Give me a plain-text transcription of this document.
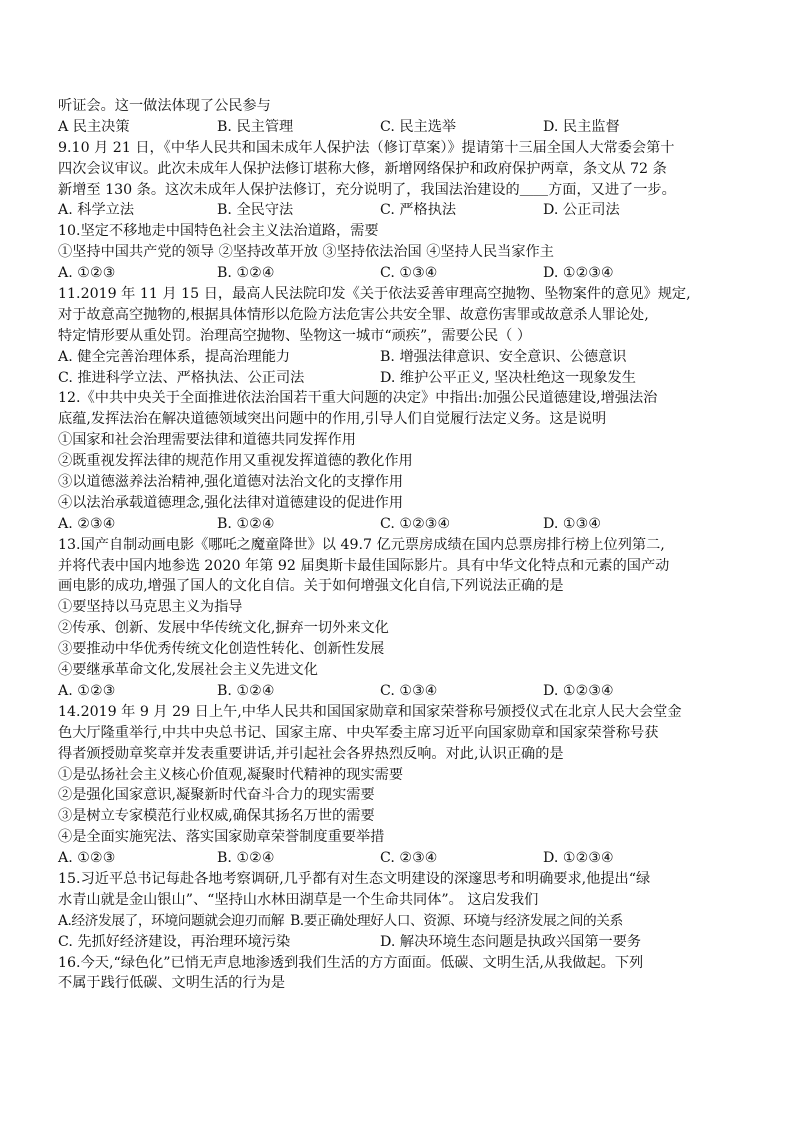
听证会。这一做法体现了公民参与
A 民主决策	B. 民主管理	C. 民主选举	D. 民主监督
9.10 月 21 日，《中华人民共和国未成年人保护法（修订草案）》提请第十三届全国人大常委会第十
四次会议审议。此次未成年人保护法修订堪称大修，新增网络保护和政府保护两章，条文从 72 条
新增至 130 条。这次未成年人保护法修订，充分说明了，我国法治建设的＿＿方面，又进了一步。
A. 科学立法	B. 全民守法	C. 严格执法	D. 公正司法
10.坚定不移地走中国特色社会主义法治道路，需要
①坚持中国共产党的领导 ②坚持改革开放 ③坚持依法治国 ④坚持人民当家作主
A. ①②③	B. ①②④	C. ①③④	D. ①②③④
11.2019 年 11 月 15 日，最高人民法院印发《关于依法妥善审理高空抛物、坠物案件的意见》规定,
对于故意高空抛物的,根据具体情形以危险方法危害公共安全罪、故意伤害罪或故意杀人罪论处,
特定情形要从重处罚。治理高空抛物、坠物这一城市“顽疾”，需要公民（ ）
A. 健全完善治理体系，提高治理能力	B. 增强法律意识、安全意识、公德意识
C. 推进科学立法、严格执法、公正司法	D. 维护公平正义, 坚决杜绝这一现象发生
12.《中共中央关于全面推进依法治国若干重大问题的决定》中指出:加强公民道德建设,增强法治
底蕴,发挥法治在解决道德领域突出问题中的作用,引导人们自觉履行法定义务。这是说明
①国家和社会治理需要法律和道德共同发挥作用
②既重视发挥法律的规范作用又重视发挥道德的教化作用
③以道德滋养法治精神,强化道德对法治文化的支撑作用
④以法治承载道德理念,强化法律对道德建设的促进作用
A. ②③④	B. ①②④	C. ①②③④	D. ①③④
13.国产自制动画电影《哪吒之魔童降世》以 49.7 亿元票房成绩在国内总票房排行榜上位列第二,
并将代表中国内地参选 2020 年第 92 届奥斯卡最佳国际影片。具有中华文化特点和元素的国产动
画电影的成功,增强了国人的文化自信。关于如何增强文化自信,下列说法正确的是
①要坚持以马克思主义为指导
②传承、创新、发展中华传统文化,摒弃一切外来文化
③要推动中华优秀传统文化创造性转化、创新性发展
④要继承革命文化,发展社会主义先进文化
A. ①②③	B. ①②④	C. ①③④	D. ①②③④
14.2019 年 9 月 29 日上午,中华人民共和国国家勋章和国家荣誉称号颁授仪式在北京人民大会堂金
色大厅隆重举行,中共中央总书记、国家主席、中央军委主席习近平向国家勋章和国家荣誉称号获
得者颁授勋章奖章并发表重要讲话,并引起社会各界热烈反响。对此,认识正确的是
①是弘扬社会主义核心价值观,凝聚时代精神的现实需要
②是强化国家意识,凝聚新时代奋斗合力的现实需要
③是树立专家模范行业权威,确保其扬名万世的需要
④是全面实施宪法、落实国家勋章荣誉制度重要举措
A. ①②③	B. ①②④	C. ②③④	D. ①②③④
15.习近平总书记每赴各地考察调研,几乎都有对生态文明建设的深邃思考和明确要求,他提出“绿
水青山就是金山银山”、“坚持山水林田湖草是一个生命共同体”。 这启发我们
A.经济发展了，环境问题就会迎刃而解 B.要正确处理好人口、资源、环境与经济发展之间的关系
C. 先抓好经济建设，再治理环境污染	D. 解决环境生态问题是执政兴国第一要务
16.今天,“绿色化”已悄无声息地渗透到我们生活的方方面面。低碳、文明生活,从我做起。下列
不属于践行低碳、文明生活的行为是
